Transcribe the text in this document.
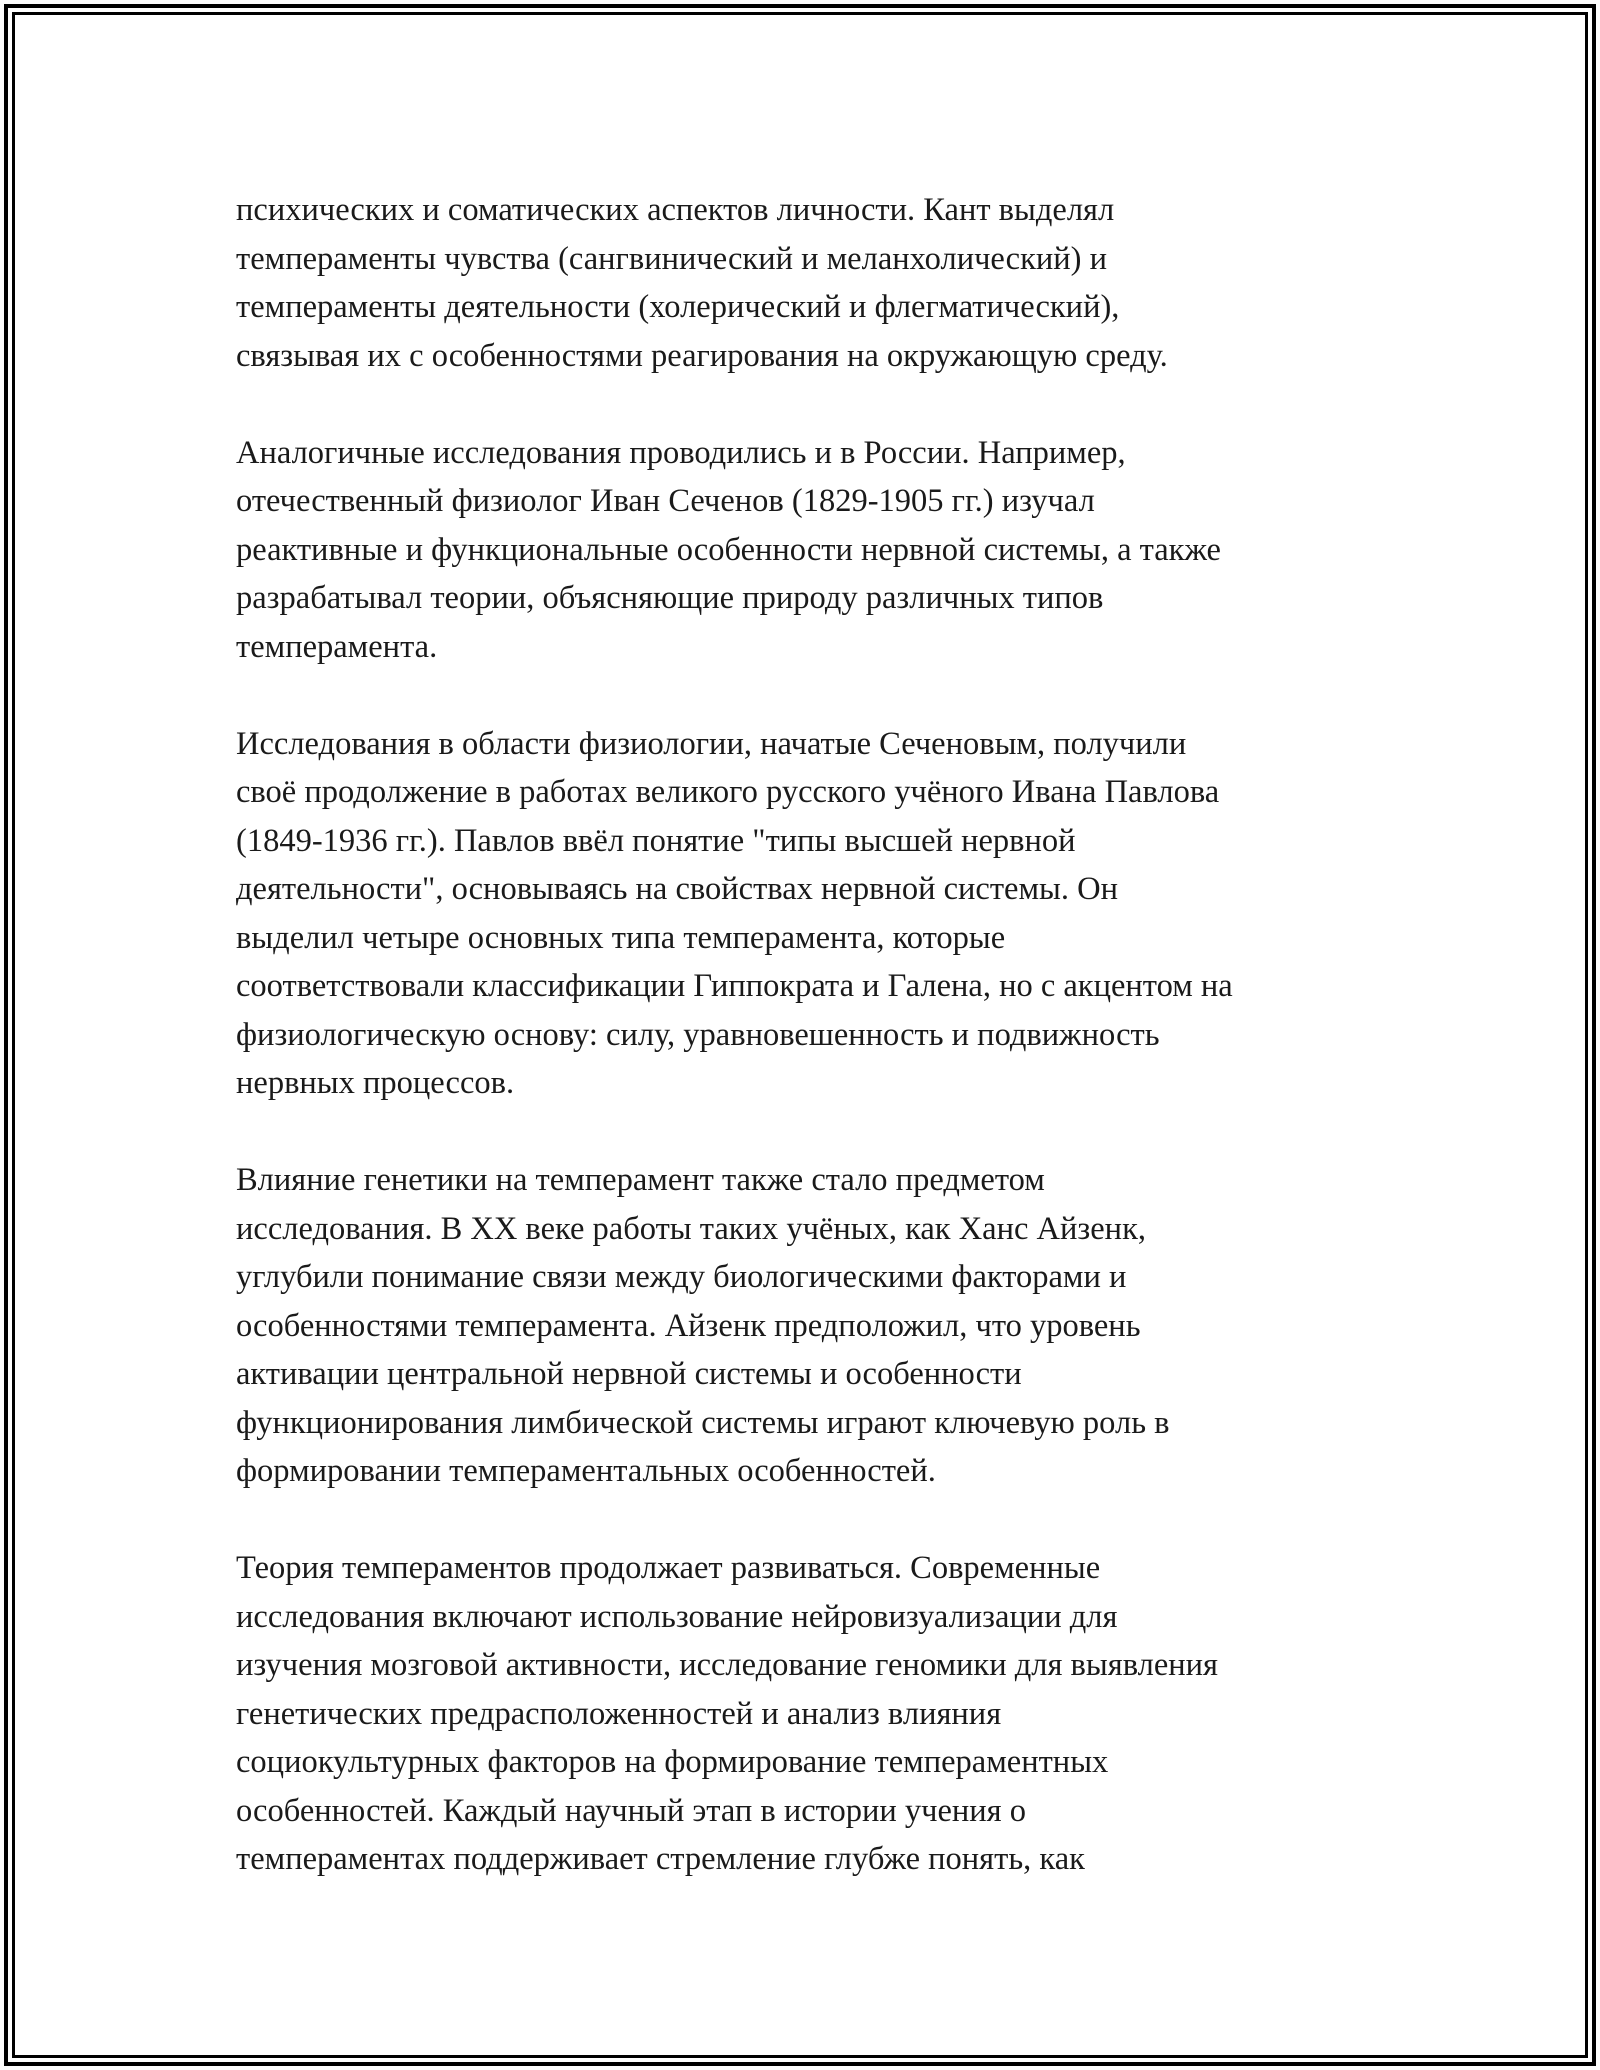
психических и соматических аспектов личности. Кант выделял
темпераменты чувства (сангвинический и меланхолический) и
темпераменты деятельности (холерический и флегматический),
связывая их с особенностями реагирования на окружающую среду.

Аналогичные исследования проводились и в России. Например,
отечественный физиолог Иван Сеченов (1829-1905 гг.) изучал
реактивные и функциональные особенности нервной системы, а также
разрабатывал теории, объясняющие природу различных типов
темперамента.

Исследования в области физиологии, начатые Сеченовым, получили
своё продолжение в работах великого русского учёного Ивана Павлова
(1849-1936 гг.). Павлов ввёл понятие "типы высшей нервной
деятельности", основываясь на свойствах нервной системы. Он
выделил четыре основных типа темперамента, которые
соответствовали классификации Гиппократа и Галена, но с акцентом на
физиологическую основу: силу, уравновешенность и подвижность
нервных процессов.

Влияние генетики на темперамент также стало предметом
исследования. В XX веке работы таких учёных, как Ханс Айзенк,
углубили понимание связи между биологическими факторами и
особенностями темперамента. Айзенк предположил, что уровень
активации центральной нервной системы и особенности
функционирования лимбической системы играют ключевую роль в
формировании темпераментальных особенностей.

Теория темпераментов продолжает развиваться. Современные
исследования включают использование нейровизуализации для
изучения мозговой активности, исследование геномики для выявления
генетических предрасположенностей и анализ влияния
социокультурных факторов на формирование темпераментных
особенностей. Каждый научный этап в истории учения о
темпераментах поддерживает стремление глубже понять, как
